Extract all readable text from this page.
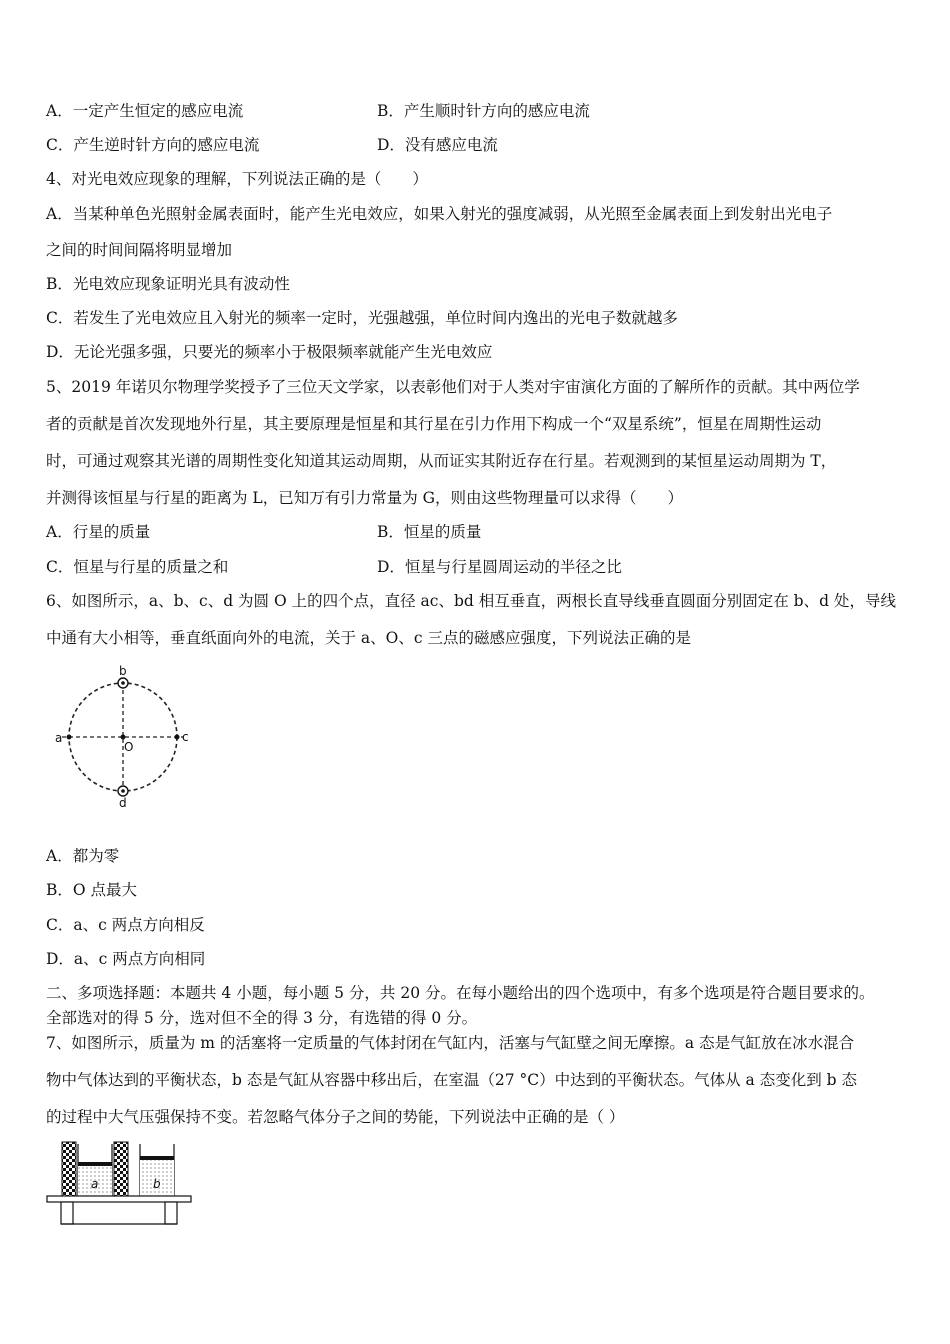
A．一定产生恒定的感应电流	B．产生顺时针方向的感应电流
C．产生逆时针方向的感应电流	D．没有感应电流
4、对光电效应现象的理解，下列说法正确的是（　　）
A．当某种单色光照射金属表面时，能产生光电效应，如果入射光的强度减弱，从光照至金属表面上到发射出光电子
之间的时间间隔将明显增加
B．光电效应现象证明光具有波动性
C．若发生了光电效应且入射光的频率一定时，光强越强，单位时间内逸出的光电子数就越多
D．无论光强多强，只要光的频率小于极限频率就能产生光电效应
5、2019 年诺贝尔物理学奖授予了三位天文学家，以表彰他们对于人类对宇宙演化方面的了解所作的贡献。其中两位学
者的贡献是首次发现地外行星，其主要原理是恒星和其行星在引力作用下构成一个“双星系统”，恒星在周期性运动
时，可通过观察其光谱的周期性变化知道其运动周期，从而证实其附近存在行星。若观测到的某恒星运动周期为 T，
并测得该恒星与行星的距离为 L，已知万有引力常量为 G，则由这些物理量可以求得（　　）
A．行星的质量	B．恒星的质量
C．恒星与行星的质量之和	D．恒星与行星圆周运动的半径之比
6、如图所示，a、b、c、d 为圆 O 上的四个点，直径 ac、bd 相互垂直，两根长直导线垂直圆面分别固定在 b、d 处，导线
中通有大小相等，垂直纸面向外的电流，关于 a、O、c 三点的磁感应强度，下列说法正确的是
a
b
c
d
O
A．都为零
B．O 点最大
C．a、c 两点方向相反
D．a、c 两点方向相同
二、多项选择题：本题共 4 小题，每小题 5 分，共 20 分。在每小题给出的四个选项中，有多个选项是符合题目要求的。
全部选对的得 5 分，选对但不全的得 3 分，有选错的得 0 分。
7、如图所示，质量为 m 的活塞将一定质量的气体封闭在气缸内，活塞与气缸壁之间无摩擦。a 态是气缸放在冰水混合
物中气体达到的平衡状态，b 态是气缸从容器中移出后，在室温（27 °C）中达到的平衡状态。气体从 a 态变化到 b 态
的过程中大气压强保持不变。若忽略气体分子之间的势能，下列说法中正确的是（ ）
a	b
